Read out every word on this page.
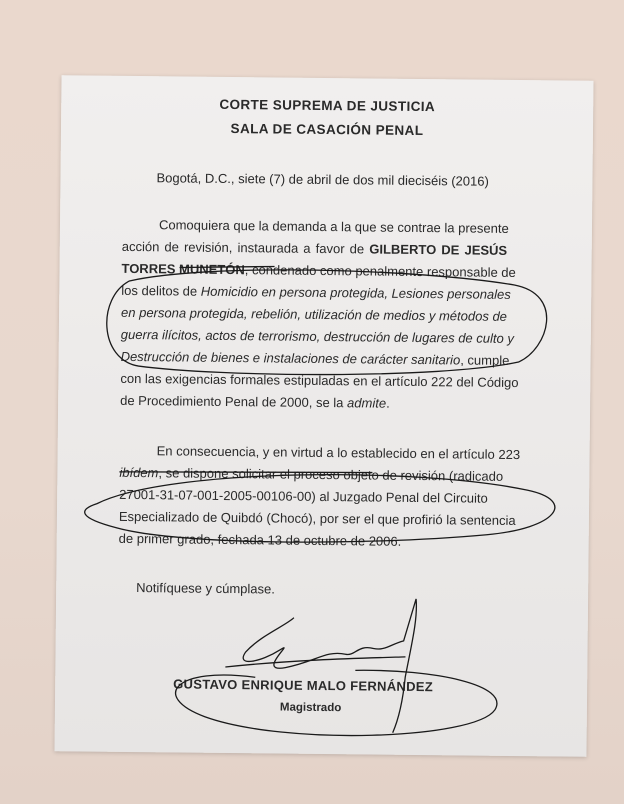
CORTE SUPREMA DE JUSTICIA
SALA DE CASACIÓN PENAL
Bogotá, D.C., siete (7) de abril de dos mil dieciséis (2016)
Comoquiera que la demanda a la que se contrae la presente
acción de revisión, instaurada a favor de GILBERTO DE JESÚS
TORRES MUNETÓN, condenado como penalmente responsable de
los delitos de Homicidio en persona protegida, Lesiones personales
en persona protegida, rebelión, utilización de medios y métodos de
guerra ilícitos, actos de terrorismo, destrucción de lugares de culto y
Destrucción de bienes e instalaciones de carácter sanitario, cumple
con las exigencias formales estipuladas en el artículo 222 del Código
de Procedimiento Penal de 2000, se la admite.
En consecuencia, y en virtud a lo establecido en el artículo 223
ibídem, se dispone solicitar el proceso objeto de revisión (radicado
27001-31-07-001-2005-00106-00) al Juzgado Penal del Circuito
Especializado de Quibdó (Chocó), por ser el que profirió la sentencia
de primer grado, fechada 13 de octubre de 2006.
Notifíquese y cúmplase.
GUSTAVO ENRIQUE MALO FERNÁNDEZ
Magistrado
